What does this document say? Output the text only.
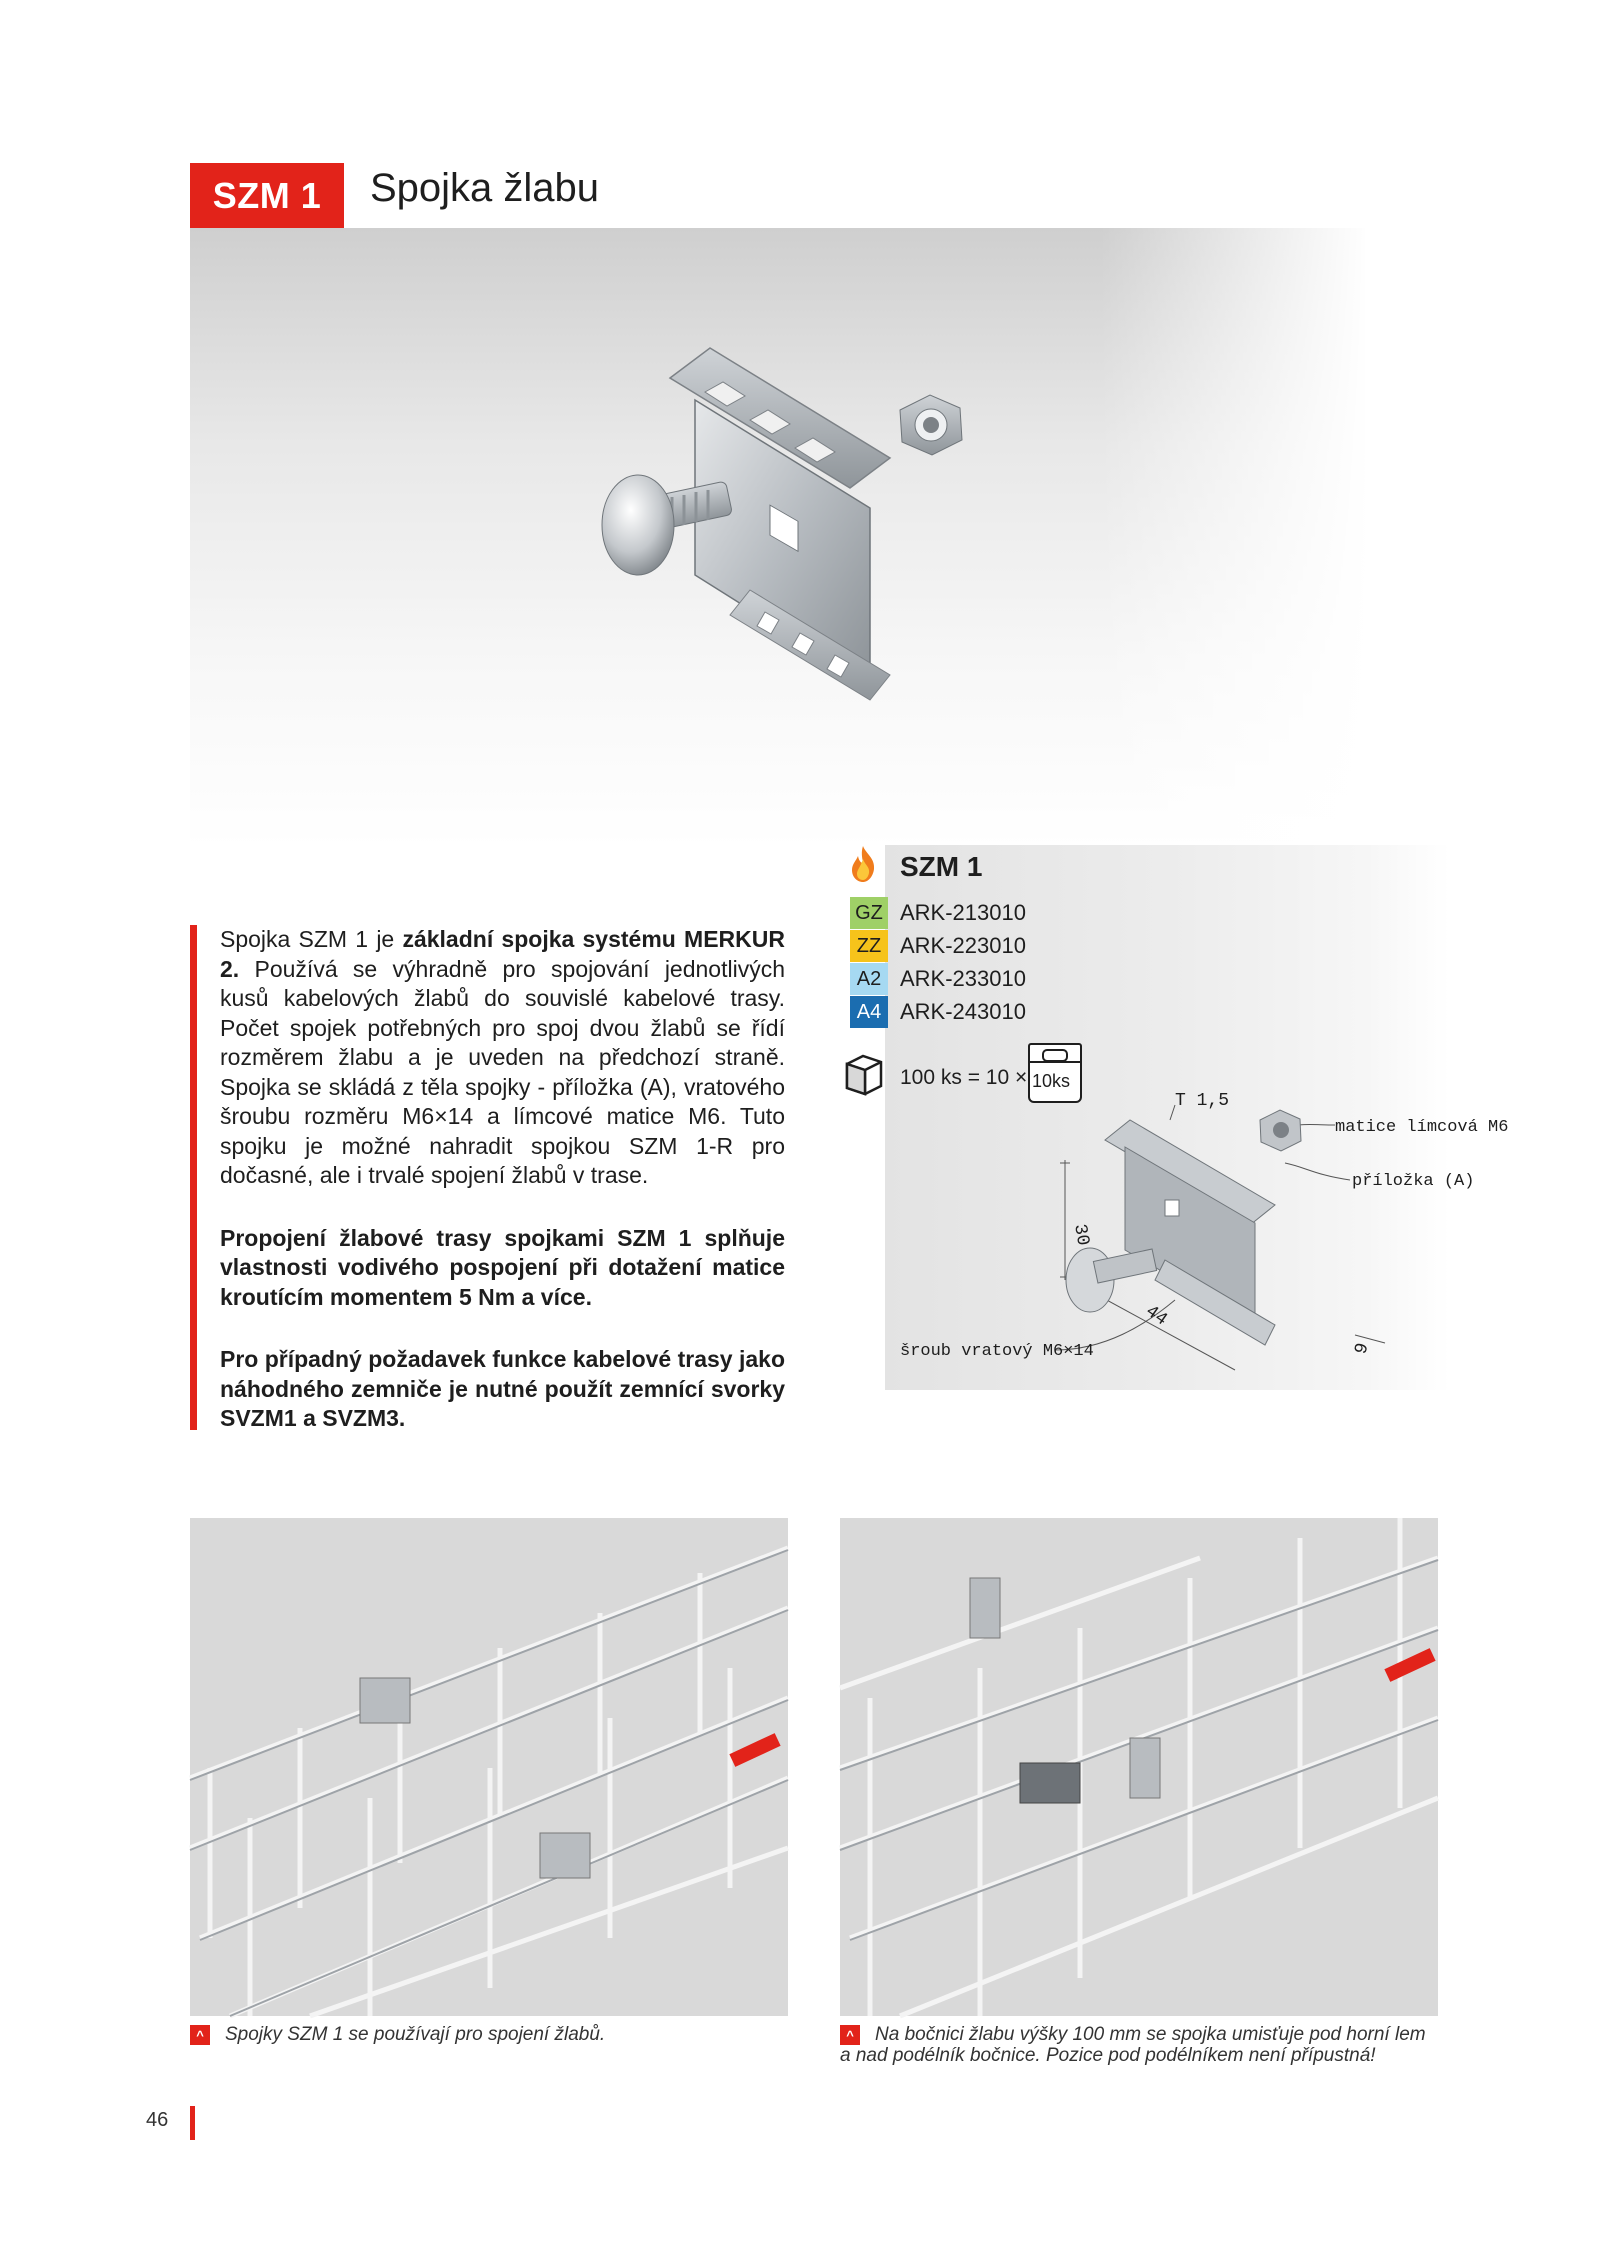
SZM 1	Spojka žlabu

Spojka SZM 1 je základní spojka systému MERKUR 2. Používá se výhradně pro spojování jednotlivých kusů kabelových žlabů do souvislé kabelové trasy. Počet spojek potřebných pro spoj dvou žlabů se řídí rozměrem žlabu a je uveden na předchozí straně. Spojka se skládá z těla spojky - příložka (A), vratového šroubu rozměru M6×14 a límcové matice M6. Tuto spojku je možné nahradit spojkou SZM 1-R pro dočasné, ale i trvalé spojení žlabů v trase.

Propojení žlabové trasy spojkami SZM 1 splňuje vlastnosti vodivého pospojení při dotažení matice kroutícím momentem 5 Nm a více.

Pro případný požadavek funkce kabelové trasy jako náhodného zemniče je nutné použít zemnící svorky SVZM1 a SVZM3.

SZM 1
GZ ARK-213010
ZZ ARK-223010
A2 ARK-233010
A4 ARK-243010
100 ks = 10 × 10ks
T 1,5
matice límcová M6
příložka (A)
šroub vratový M6×14
30
44
9
^	Spojky SZM 1 se používají pro spojení žlabů.	^	Na bočnici žlabu výšky 100 mm se spojka umisťuje pod horní lem a nad podélník bočnice. Pozice pod podélníkem není přípustná!
46
